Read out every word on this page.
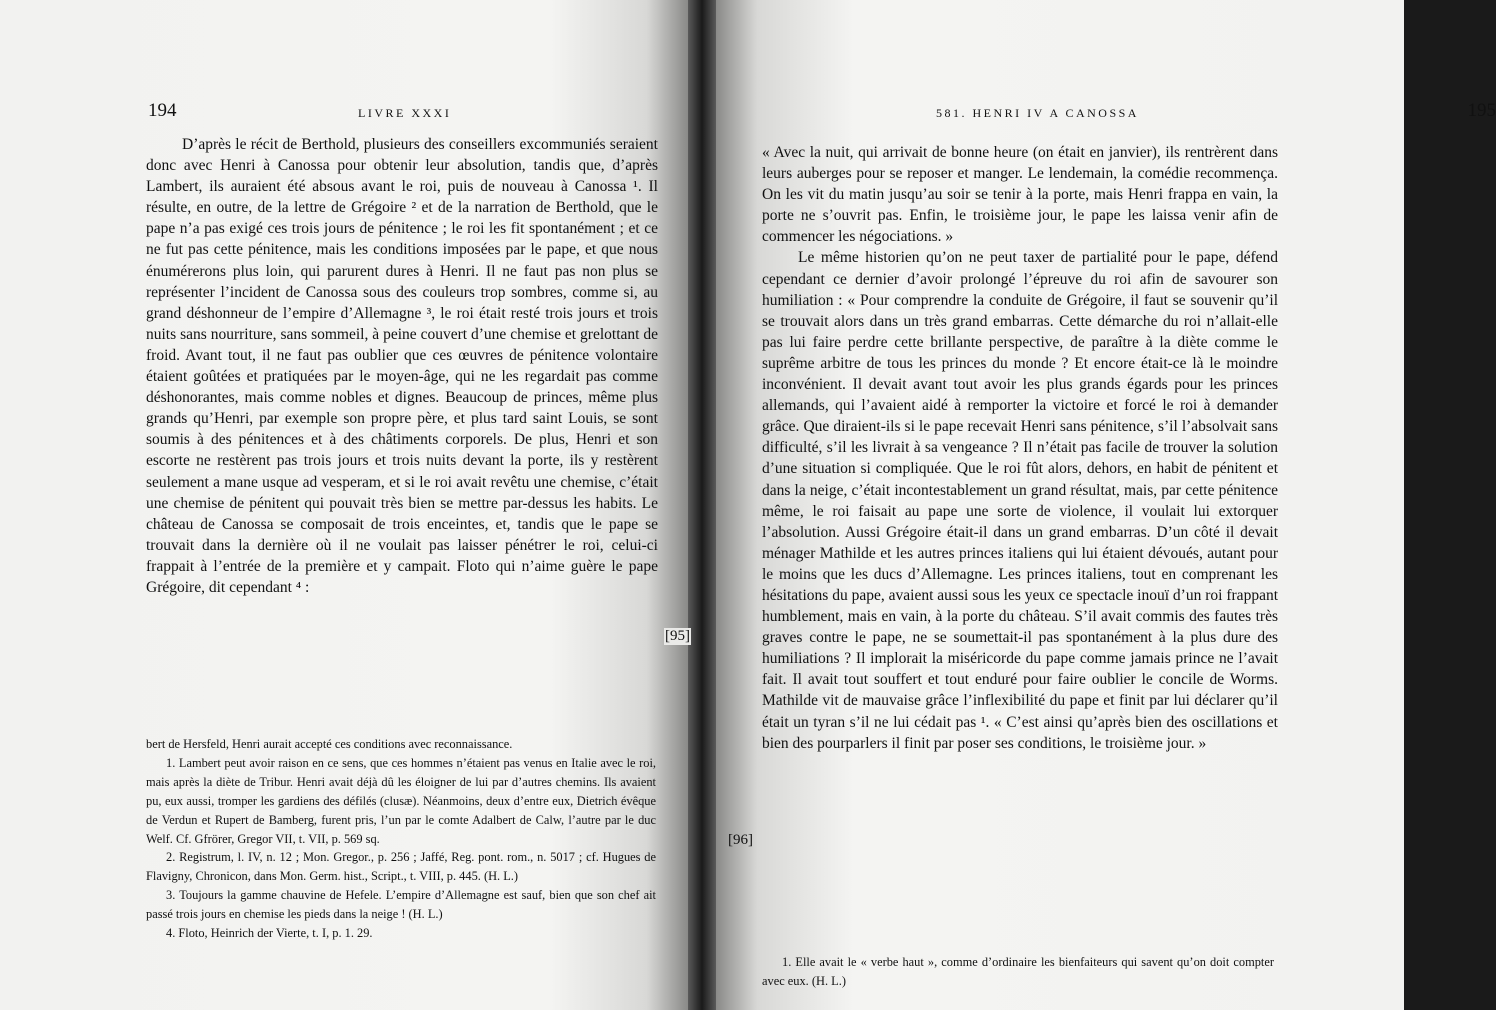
194	LIVRE XXXI

D’après le récit de Berthold, plusieurs des conseillers excommuniés seraient donc avec Henri à Canossa pour obtenir leur absolution, tandis que, d’après Lambert, ils auraient été absous avant le roi, puis de nouveau à Canossa ¹. Il résulte, en outre, de la lettre de Grégoire ² et de la narration de Berthold, que le pape n’a pas exigé ces trois jours de pénitence ; le roi les fit spontanément ; et ce ne fut pas cette pénitence, mais les conditions imposées par le pape, et que nous énumérerons plus loin, qui parurent dures à Henri. Il ne faut pas non plus se représenter l’incident de Canossa sous des couleurs trop sombres, comme si, au grand déshonneur de l’empire d’Allemagne ³, le roi était resté trois jours et trois nuits sans nourriture, sans sommeil, à peine couvert d’une chemise et grelottant de froid. Avant tout, il ne faut pas oublier que ces œuvres de pénitence volontaire étaient goûtées et pratiquées par le moyen-âge, qui ne les regardait pas comme déshonorantes, mais comme nobles et dignes. Beaucoup de princes, même plus grands qu’Henri, par exemple son propre père, et plus tard saint Louis, se sont soumis à des pénitences et à des châtiments corporels. De plus, Henri et son escorte ne restèrent pas trois jours et trois nuits devant la porte, ils y restèrent seulement a mane usque ad vesperam, et si le roi avait revêtu une chemise, c’était une chemise de pénitent qui pouvait très bien se mettre par-dessus les habits. Le château de Canossa se composait de trois enceintes, et, tandis que le pape se trouvait dans la dernière où il ne voulait pas laisser pénétrer le roi, celui-ci frappait à l’entrée de la première et y campait. Floto qui n’aime guère le pape Grégoire, dit cependant ⁴ :

bert de Hersfeld, Henri aurait accepté ces conditions avec reconnaissance.

1. Lambert peut avoir raison en ce sens, que ces hommes n’étaient pas venus en Italie avec le roi, mais après la diète de Tribur. Henri avait déjà dû les éloigner de lui par d’autres chemins. Ils avaient pu, eux aussi, tromper les gardiens des défilés (clusæ). Néanmoins, deux d’entre eux, Dietrich évêque de Verdun et Rupert de Bamberg, furent pris, l’un par le comte Adalbert de Calw, l’autre par le duc Welf. Cf. Gfrörer, Gregor VII, t. VII, p. 569 sq.

2. Registrum, l. IV, n. 12 ; Mon. Gregor., p. 256 ; Jaffé, Reg. pont. rom., n. 5017 ; cf. Hugues de Flavigny, Chronicon, dans Mon. Germ. hist., Script., t. VIII, p. 445. (H. L.)

3. Toujours la gamme chauvine de Hefele. L’empire d’Allemagne est sauf, bien que son chef ait passé trois jours en chemise les pieds dans la neige ! (H. L.)

4. Floto, Heinrich der Vierte, t. I, p. 1. 29.

[95]
581. HENRI IV A CANOSSA	195

« Avec la nuit, qui arrivait de bonne heure (on était en janvier), ils rentrèrent dans leurs auberges pour se reposer et manger. Le lendemain, la comédie recommença. On les vit du matin jusqu’au soir se tenir à la porte, mais Henri frappa en vain, la porte ne s’ouvrit pas. Enfin, le troisième jour, le pape les laissa venir afin de commencer les négociations. »

Le même historien qu’on ne peut taxer de partialité pour le pape, défend cependant ce dernier d’avoir prolongé l’épreuve du roi afin de savourer son humiliation : « Pour comprendre la conduite de Grégoire, il faut se souvenir qu’il se trouvait alors dans un très grand embarras. Cette démarche du roi n’allait-elle pas lui faire perdre cette brillante perspective, de paraître à la diète comme le suprême arbitre de tous les princes du monde ? Et encore était-ce là le moindre inconvénient. Il devait avant tout avoir les plus grands égards pour les princes allemands, qui l’avaient aidé à remporter la victoire et forcé le roi à demander grâce. Que diraient-ils si le pape recevait Henri sans pénitence, s’il l’absolvait sans difficulté, s’il les livrait à sa vengeance ? Il n’était pas facile de trouver la solution d’une situation si compliquée. Que le roi fût alors, dehors, en habit de pénitent et dans la neige, c’était incontestablement un grand résultat, mais, par cette pénitence même, le roi faisait au pape une sorte de violence, il voulait lui extorquer l’absolution. Aussi Grégoire était-il dans un grand embarras. D’un côté il devait ménager Mathilde et les autres princes italiens qui lui étaient dévoués, autant pour le moins que les ducs d’Allemagne. Les princes italiens, tout en comprenant les hésitations du pape, avaient aussi sous les yeux ce spectacle inouï d’un roi frappant humblement, mais en vain, à la porte du château. S’il avait commis des fautes très graves contre le pape, ne se soumettait-il pas spontanément à la plus dure des humiliations ? Il implorait la miséricorde du pape comme jamais prince ne l’avait fait. Il avait tout souffert et tout enduré pour faire oublier le concile de Worms. Mathilde vit de mauvaise grâce l’inflexibilité du pape et finit par lui déclarer qu’il était un tyran s’il ne lui cédait pas ¹. « C’est ainsi qu’après bien des oscillations et bien des pourparlers il finit par poser ses conditions, le troisième jour. »

[96]

1. Elle avait le « verbe haut », comme d’ordinaire les bienfaiteurs qui savent qu’on doit compter avec eux. (H. L.)
